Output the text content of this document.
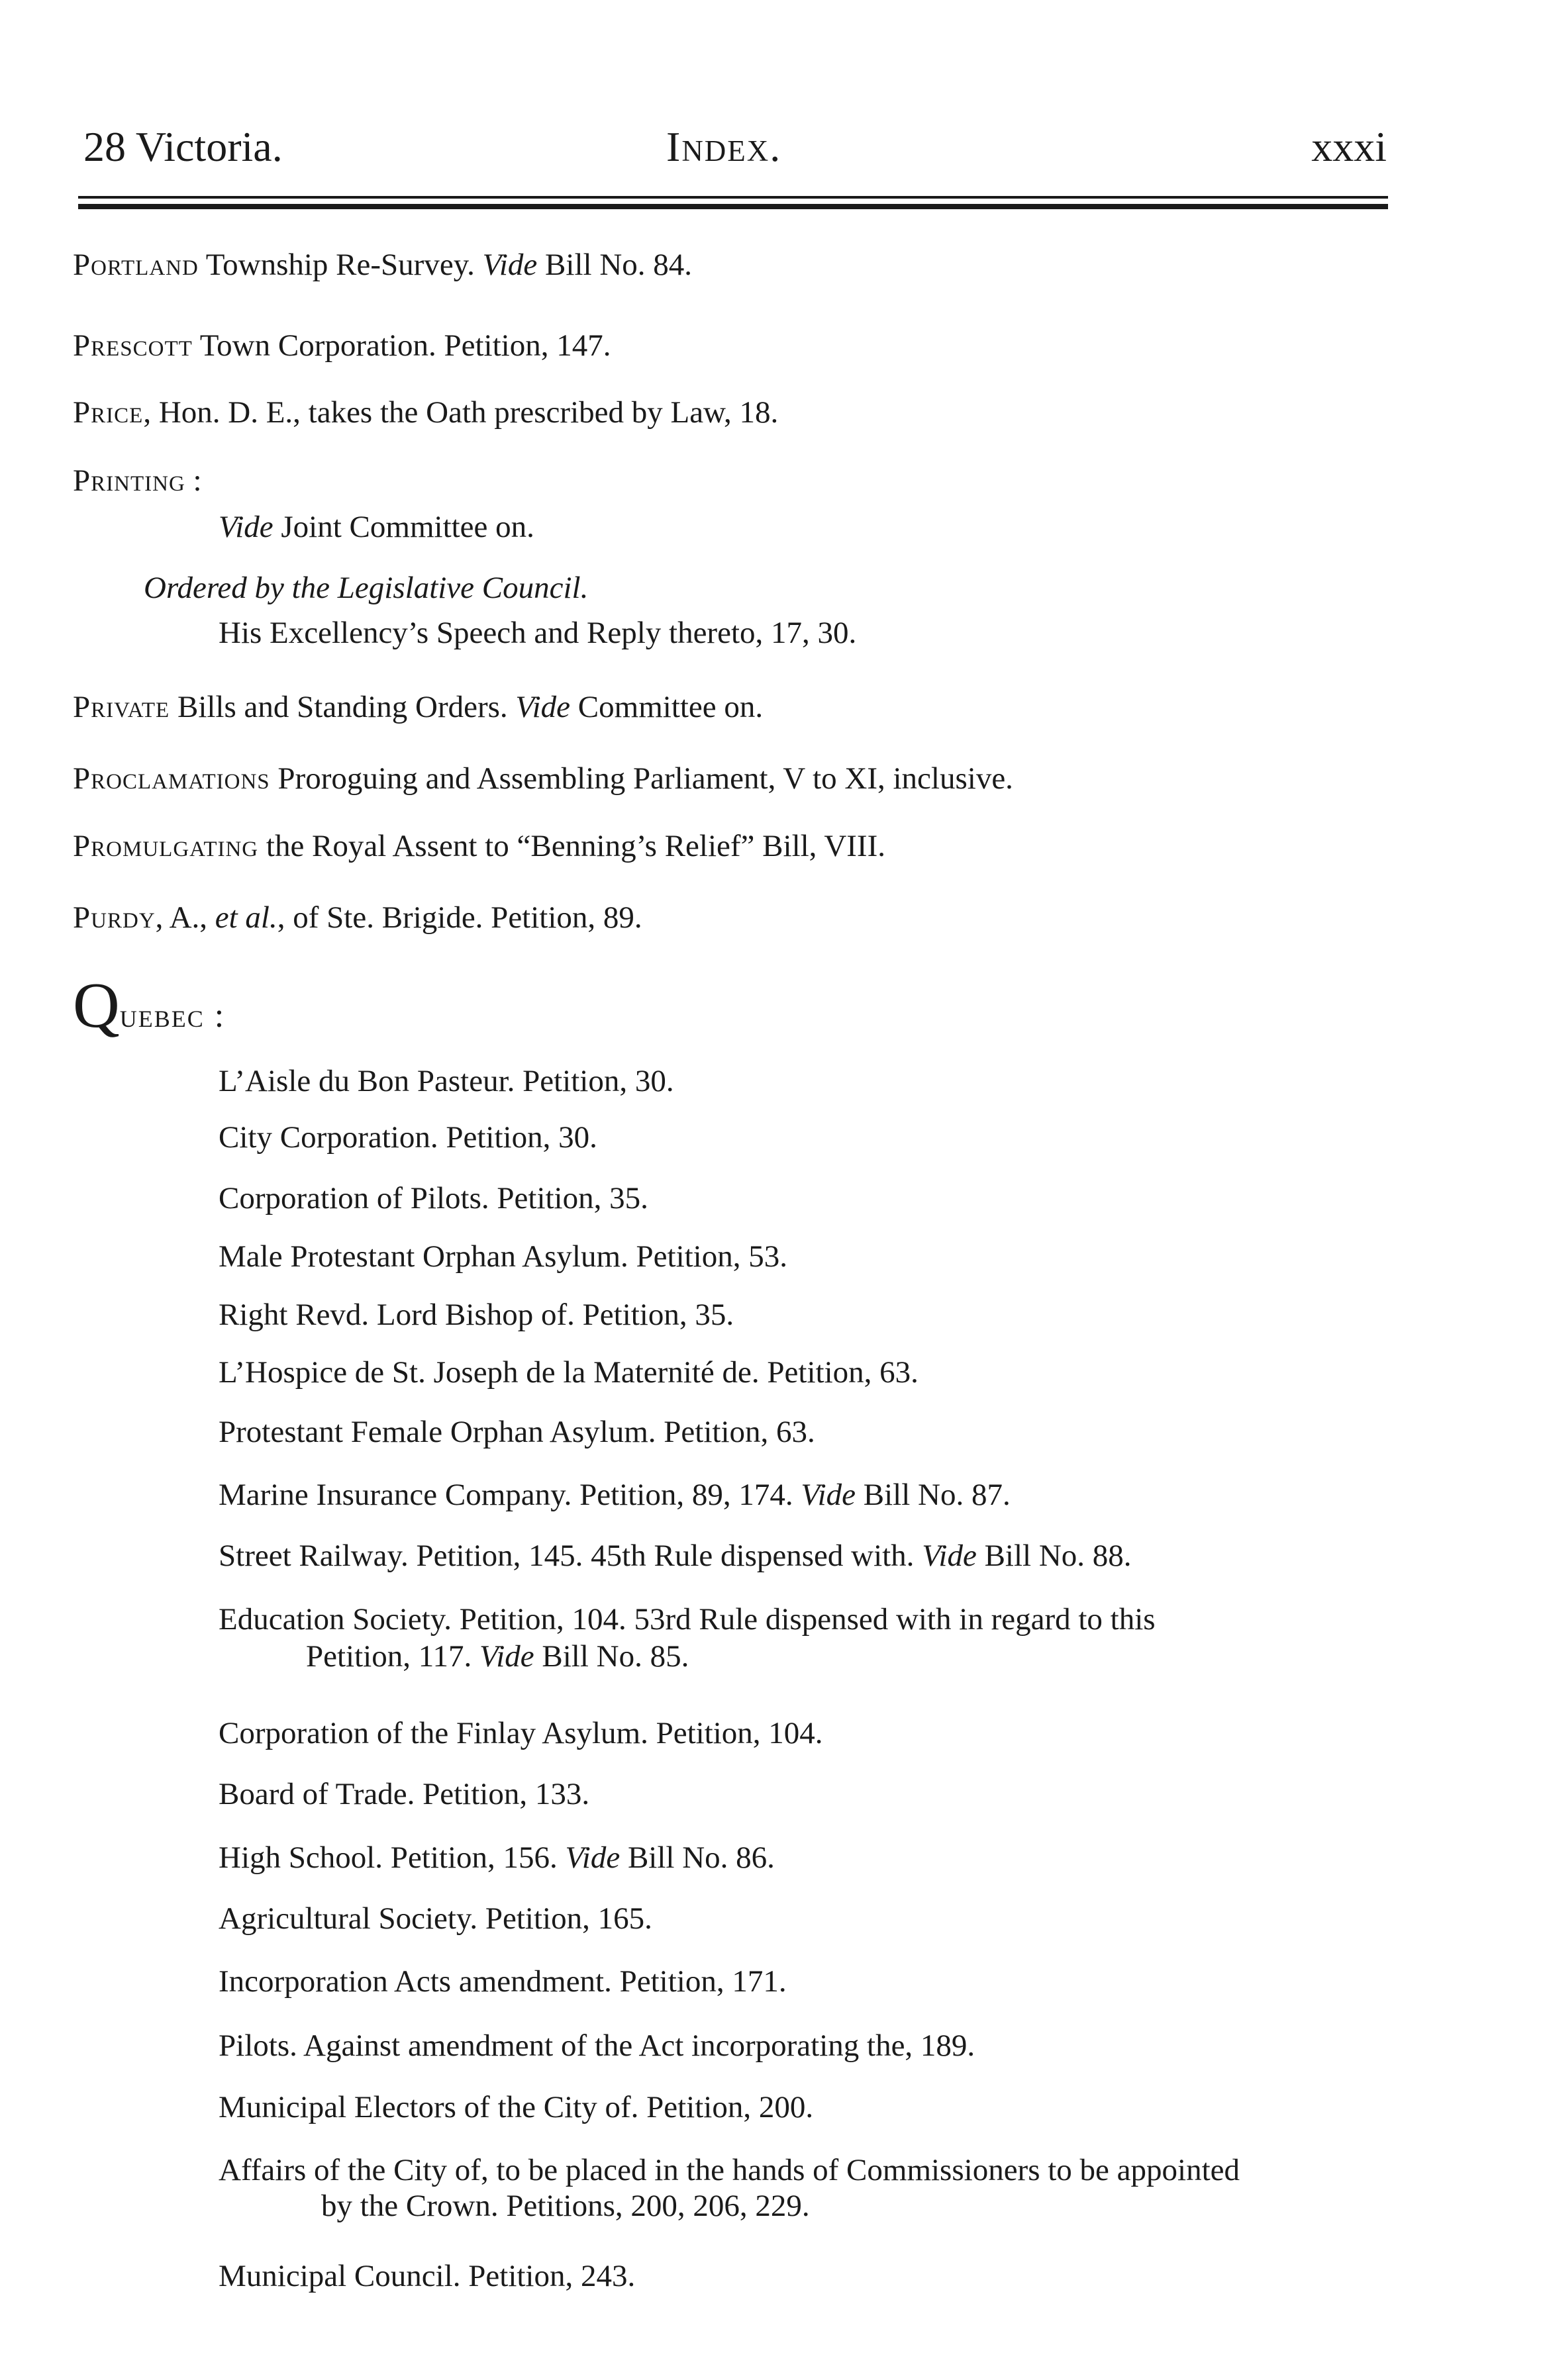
28 Victoria.	Index.	xxxi
Portland Township Re-Survey. Vide Bill No. 84.
Prescott Town Corporation. Petition, 147.
Price, Hon. D. E., takes the Oath prescribed by Law, 18.
Printing :
Vide Joint Committee on.
Ordered by the Legislative Council.
His Excellency’s Speech and Reply thereto, 17, 30.
Private Bills and Standing Orders. Vide Committee on.
Proclamations Proroguing and Assembling Parliament, V to XI, inclusive.
Promulgating the Royal Assent to “Benning’s Relief” Bill, VIII.
Purdy, A., et al., of Ste. Brigide. Petition, 89.
Quebec :
L’Aisle du Bon Pasteur. Petition, 30.
City Corporation. Petition, 30.
Corporation of Pilots. Petition, 35.
Male Protestant Orphan Asylum. Petition, 53.
Right Revd. Lord Bishop of. Petition, 35.
L’Hospice de St. Joseph de la Maternité de. Petition, 63.
Protestant Female Orphan Asylum. Petition, 63.
Marine Insurance Company. Petition, 89, 174. Vide Bill No. 87.
Street Railway. Petition, 145. 45th Rule dispensed with. Vide Bill No. 88.
Education Society. Petition, 104. 53rd Rule dispensed with in regard to this
Petition, 117. Vide Bill No. 85.
Corporation of the Finlay Asylum. Petition, 104.
Board of Trade. Petition, 133.
High School. Petition, 156. Vide Bill No. 86.
Agricultural Society. Petition, 165.
Incorporation Acts amendment. Petition, 171.
Pilots. Against amendment of the Act incorporating the, 189.
Municipal Electors of the City of. Petition, 200.
Affairs of the City of, to be placed in the hands of Commissioners to be appointed
by the Crown. Petitions, 200, 206, 229.
Municipal Council. Petition, 243.
